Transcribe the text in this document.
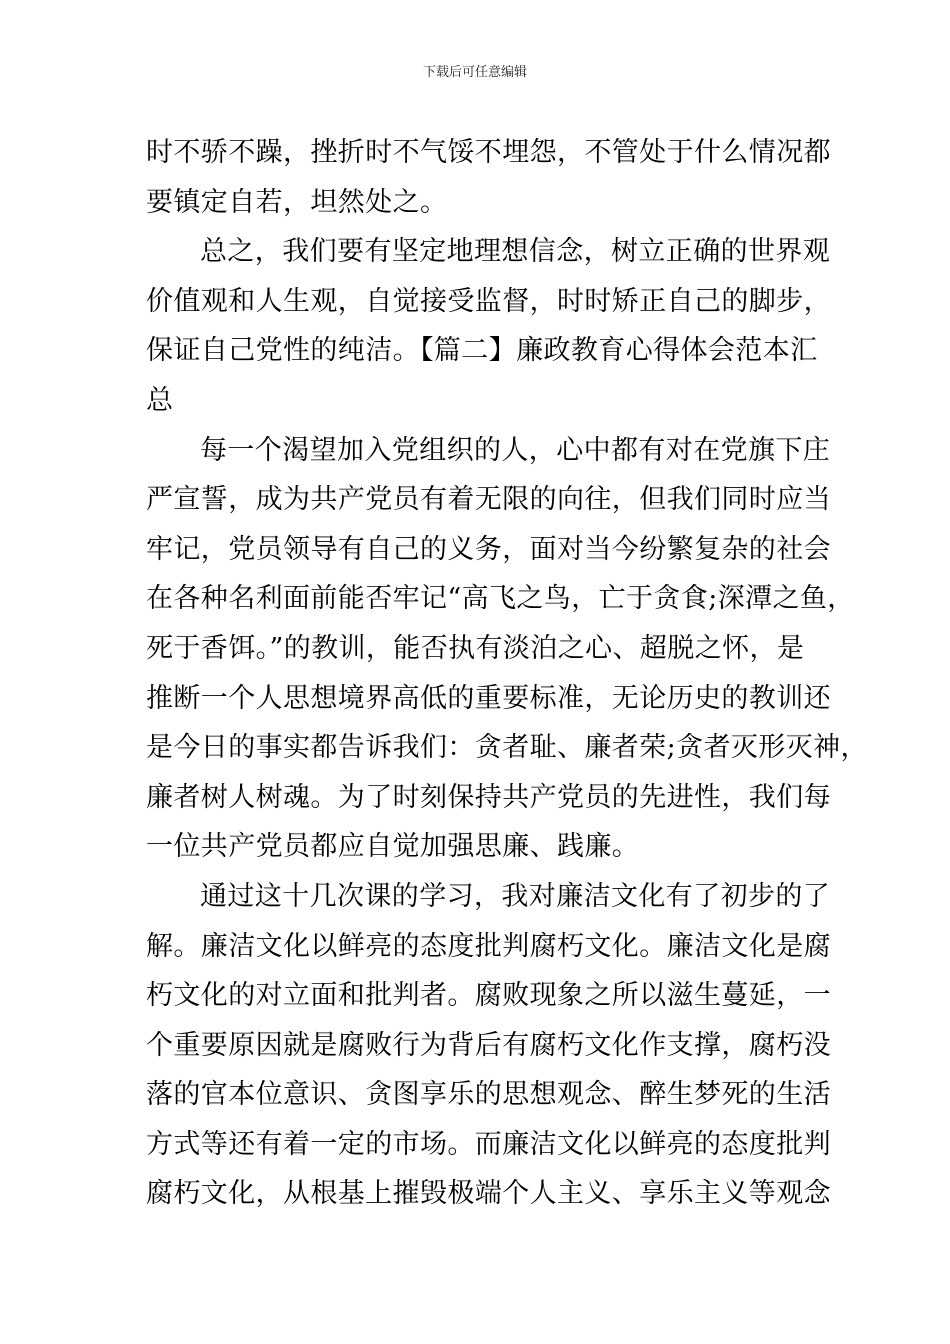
下载后可任意编辑
时不骄不躁，挫折时不气馁不埋怨，不管处于什么情况都
要镇定自若，坦然处之。
总之，我们要有坚定地理想信念，树立正确的世界观
价值观和人生观，自觉接受监督，时时矫正自己的脚步，
保证自己党性的纯洁。【篇二】廉政教育心得体会范本汇
总
每一个渴望加入党组织的人，心中都有对在党旗下庄
严宣誓，成为共产党员有着无限的向往，但我们同时应当
牢记，党员领导有自己的义务，面对当今纷繁复杂的社会
在各种名利面前能否牢记“高飞之鸟，亡于贪食;深潭之鱼，
死于香饵。”的教训，能否执有淡泊之心、超脱之怀，是
推断一个人思想境界高低的重要标准，无论历史的教训还
是今日的事实都告诉我们：贪者耻、廉者荣;贪者灭形灭神，
廉者树人树魂。为了时刻保持共产党员的先进性，我们每
一位共产党员都应自觉加强思廉、践廉。
通过这十几次课的学习，我对廉洁文化有了初步的了
解。廉洁文化以鲜亮的态度批判腐朽文化。廉洁文化是腐
朽文化的对立面和批判者。腐败现象之所以滋生蔓延，一
个重要原因就是腐败行为背后有腐朽文化作支撑，腐朽没
落的官本位意识、贪图享乐的思想观念、醉生梦死的生活
方式等还有着一定的市场。而廉洁文化以鲜亮的态度批判
腐朽文化，从根基上摧毁极端个人主义、享乐主义等观念
